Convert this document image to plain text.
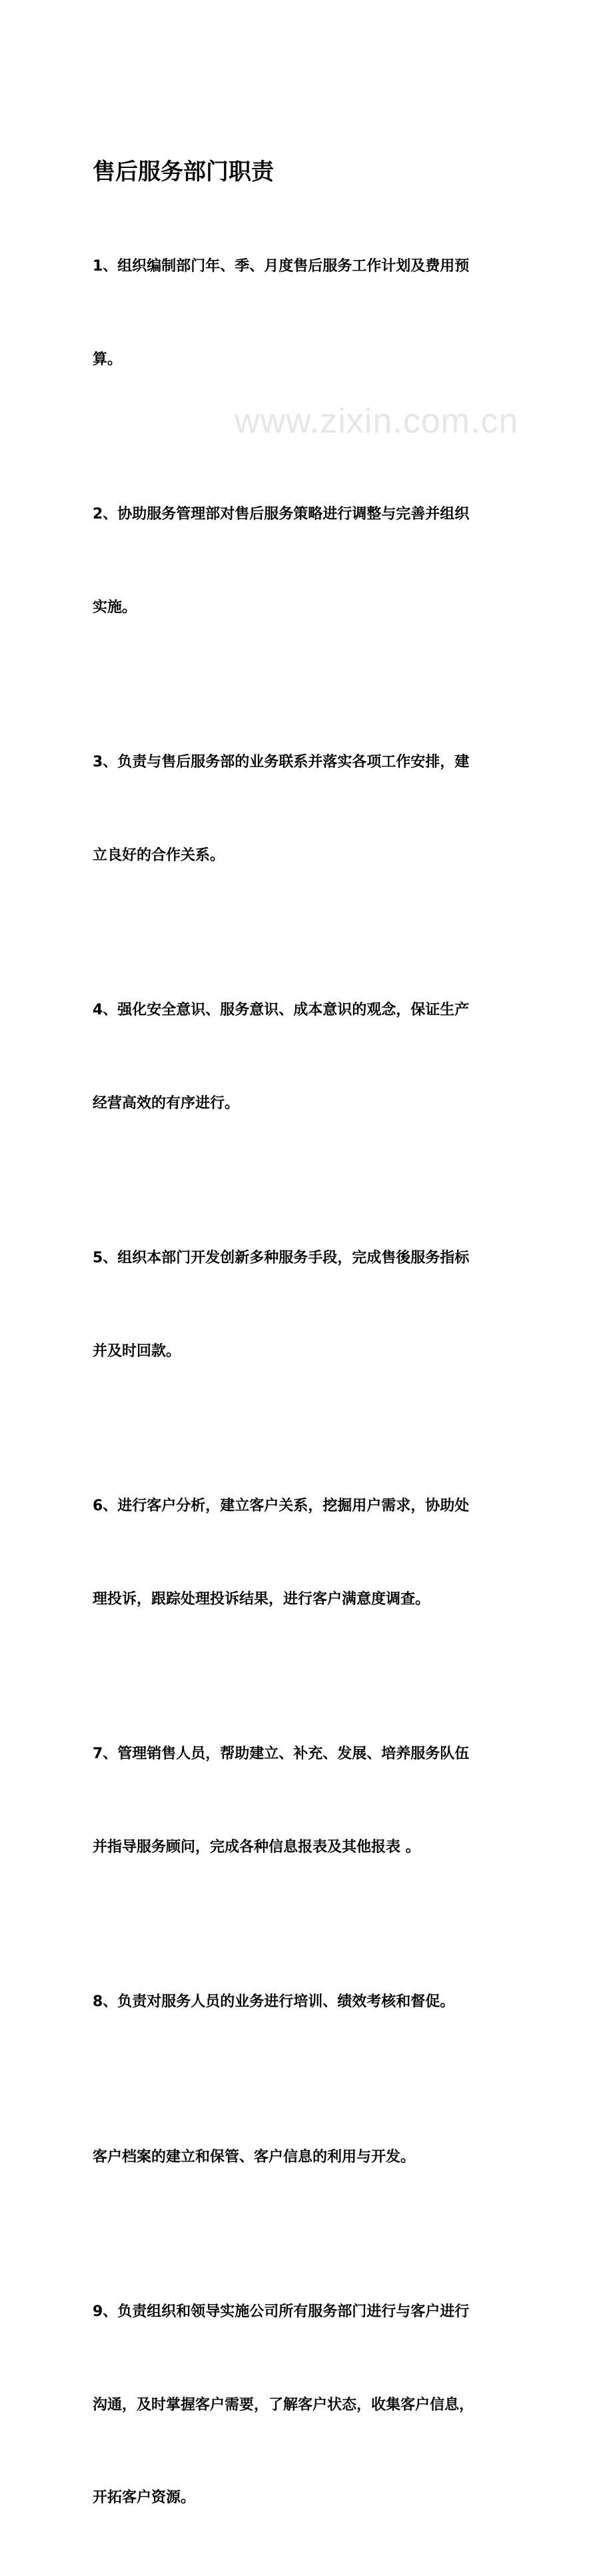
www.zixin.com.cn
售后服务部门职责

1、组织编制部门年、季、月度售后服务工作计划及费用预

算。

2、协助服务管理部对售后服务策略进行调整与完善并组织

实施。

3、负责与售后服务部的业务联系并落实各项工作安排，建

立良好的合作关系。

4、强化安全意识、服务意识、成本意识的观念，保证生产

经营高效的有序进行。

5、组织本部门开发创新多种服务手段，完成售後服务指标

并及时回款。

6、进行客户分析，建立客户关系，挖掘用户需求，协助处

理投诉，跟踪处理投诉结果，进行客户满意度调查。

7、管理销售人员，帮助建立、补充、发展、培养服务队伍

并指导服务顾问，完成各种信息报表及其他报表 。

8、负责对服务人员的业务进行培训、绩效考核和督促。

客户档案的建立和保管、客户信息的利用与开发。

9、负责组织和领导实施公司所有服务部门进行与客户进行

沟通，及时掌握客户需要，了解客户状态，收集客户信息，

开拓客户资源。
